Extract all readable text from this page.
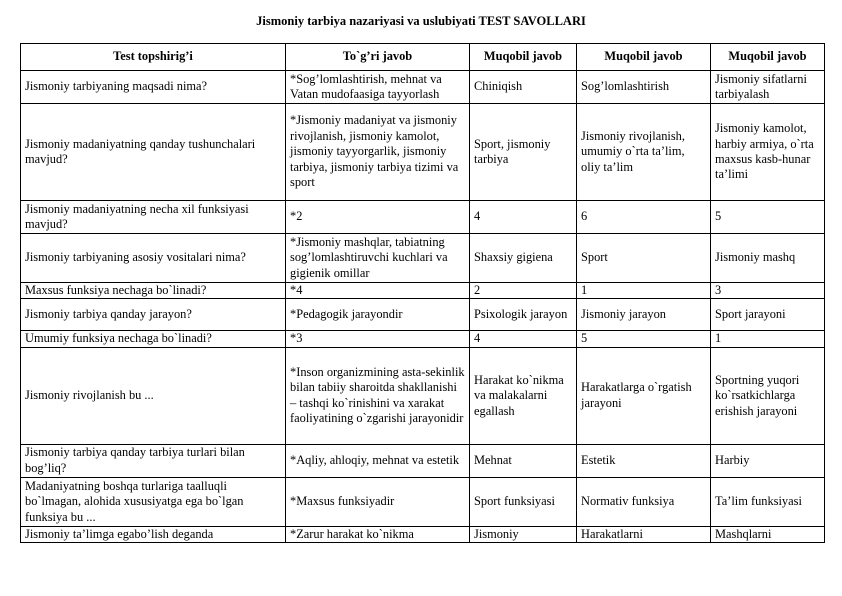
Jismoniy tarbiya nazariyasi va uslubiyati TEST SAVOLLARI
Test topshirig’i	To`g’ri javob	Muqobil javob	Muqobil javob	Muqobil javob
Jismoniy tarbiyaning maqsadi nima?	*Sog’lomlashtirish, mehnat va Vatan mudofaasiga tayyorlash	Chiniqish	Sog’lomlashtirish	Jismoniy sifatlarni tarbiyalash
Jismoniy madaniyatning qanday tushunchalari mavjud?	*Jismoniy madaniyat va jismoniy rivojlanish, jismoniy kamolot, jismoniy tayyorgarlik, jismoniy tarbiya, jismoniy tarbiya tizimi va sport	Sport, jismoniy tarbiya	Jismoniy rivojlanish, umumiy o`rta ta’lim, oliy ta’lim	Jismoniy kamolot, harbiy armiya, o`rta maxsus kasb-hunar ta’limi
Jismoniy madaniyatning necha xil funksiyasi mavjud?	*2	4	6	5
Jismoniy tarbiyaning asosiy vositalari nima?	*Jismoniy mashqlar, tabiatning sog’lomlashtiruvchi kuchlari va gigienik omillar	Shaxsiy gigiena	Sport	Jismoniy mashq
Maxsus funksiya nechaga bo`linadi?	*4	2	1	3
Jismoniy tarbiya qanday jarayon?	*Pedagogik jarayondir	Psixologik jarayon	Jismoniy jarayon	Sport jarayoni
Umumiy funksiya nechaga bo`linadi?	*3	4	5	1
Jismoniy rivojlanish bu ...	*Inson organizmining asta-sekinlik bilan tabiiy sharoitda shakllanishi – tashqi ko`rinishini va xarakat faoliyatining o`zgarishi jarayonidir	Harakat ko`nikma va malakalarni egallash	Harakatlarga o`rgatish jarayoni	Sportning yuqori ko`rsatkichlarga erishish jarayoni
Jismoniy tarbiya qanday tarbiya turlari bilan bog’liq?	*Aqliy, ahloqiy, mehnat va estetik	Mehnat	Estetik	Harbiy
Madaniyatning boshqa turlariga taalluqli bo`lmagan, alohida xususiyatga ega bo`lgan funksiya bu ...	*Maxsus funksiyadir	Sport funksiyasi	Normativ funksiya	Ta’lim funksiyasi
Jismoniy ta’limga egabo’lish deganda	*Zarur harakat ko`nikma	Jismoniy	Harakatlarni	Mashqlarni
